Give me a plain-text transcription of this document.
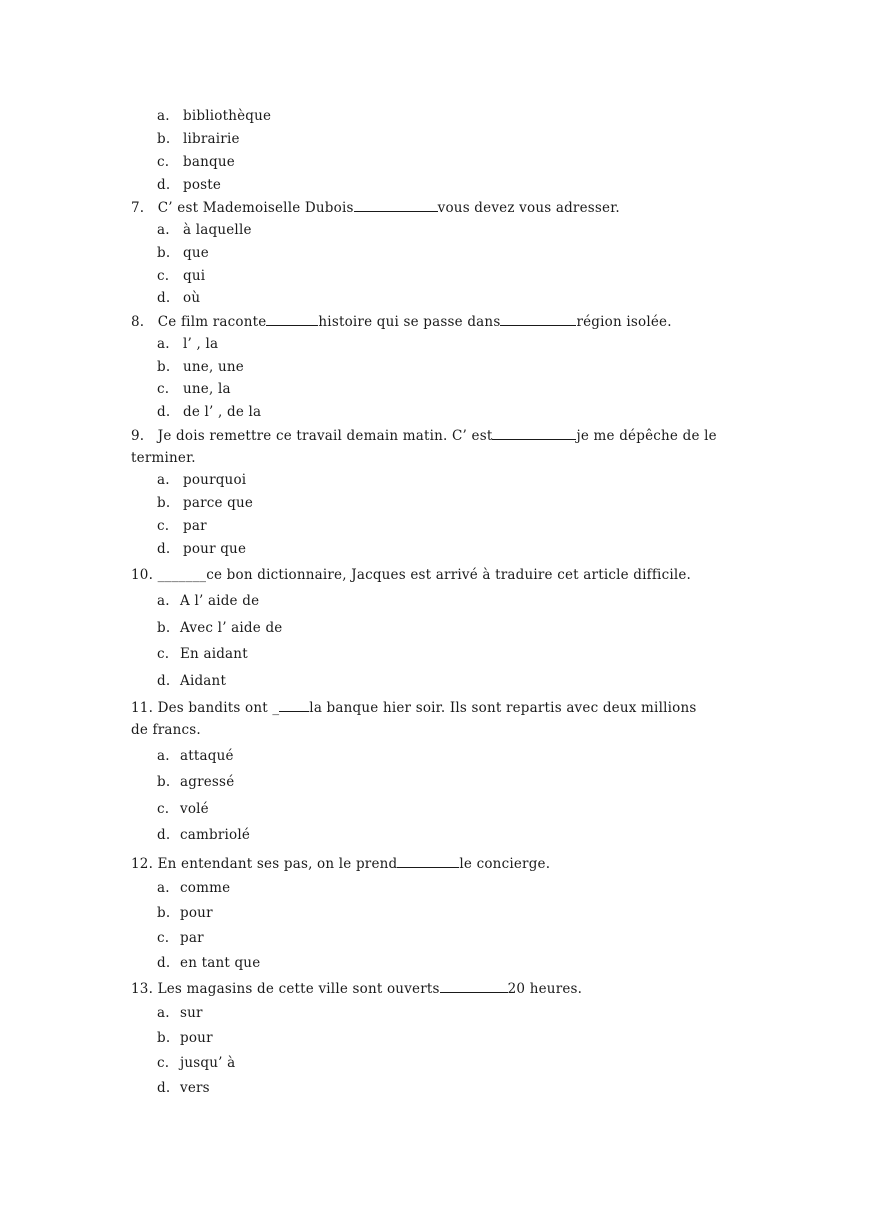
a. bibliothèque
b. librairie
c. banque
d. poste
7. C’ est Mademoiselle Dubois	vous devez vous adresser.
a. à laquelle
b. que
c. qui
d. où
8. Ce film raconte	histoire qui se passe dans	région isolée.
a. l’ , la
b. une, une
c. une, la
d. de l’ , de la
9. Je dois remettre ce travail demain matin. C’ est	je me dépêche de le
terminer.
a. pourquoi
b. parce que
c. par
d. pour que
10. _______ce bon dictionnaire, Jacques est arrivé à traduire cet article difficile.
a. A l’ aide de
b. Avec l’ aide de
c. En aidant
d. Aidant
11. Des bandits ont _ la banque hier soir. Ils sont repartis avec deux millions
de francs.
a. attaqué
b. agressé
c. volé
d. cambriolé
12. En entendant ses pas, on le prend	le concierge.
a. comme
b. pour
c. par
d. en tant que
13. Les magasins de cette ville sont ouverts	20 heures.
a. sur
b. pour
c. jusqu’ à
d. vers
